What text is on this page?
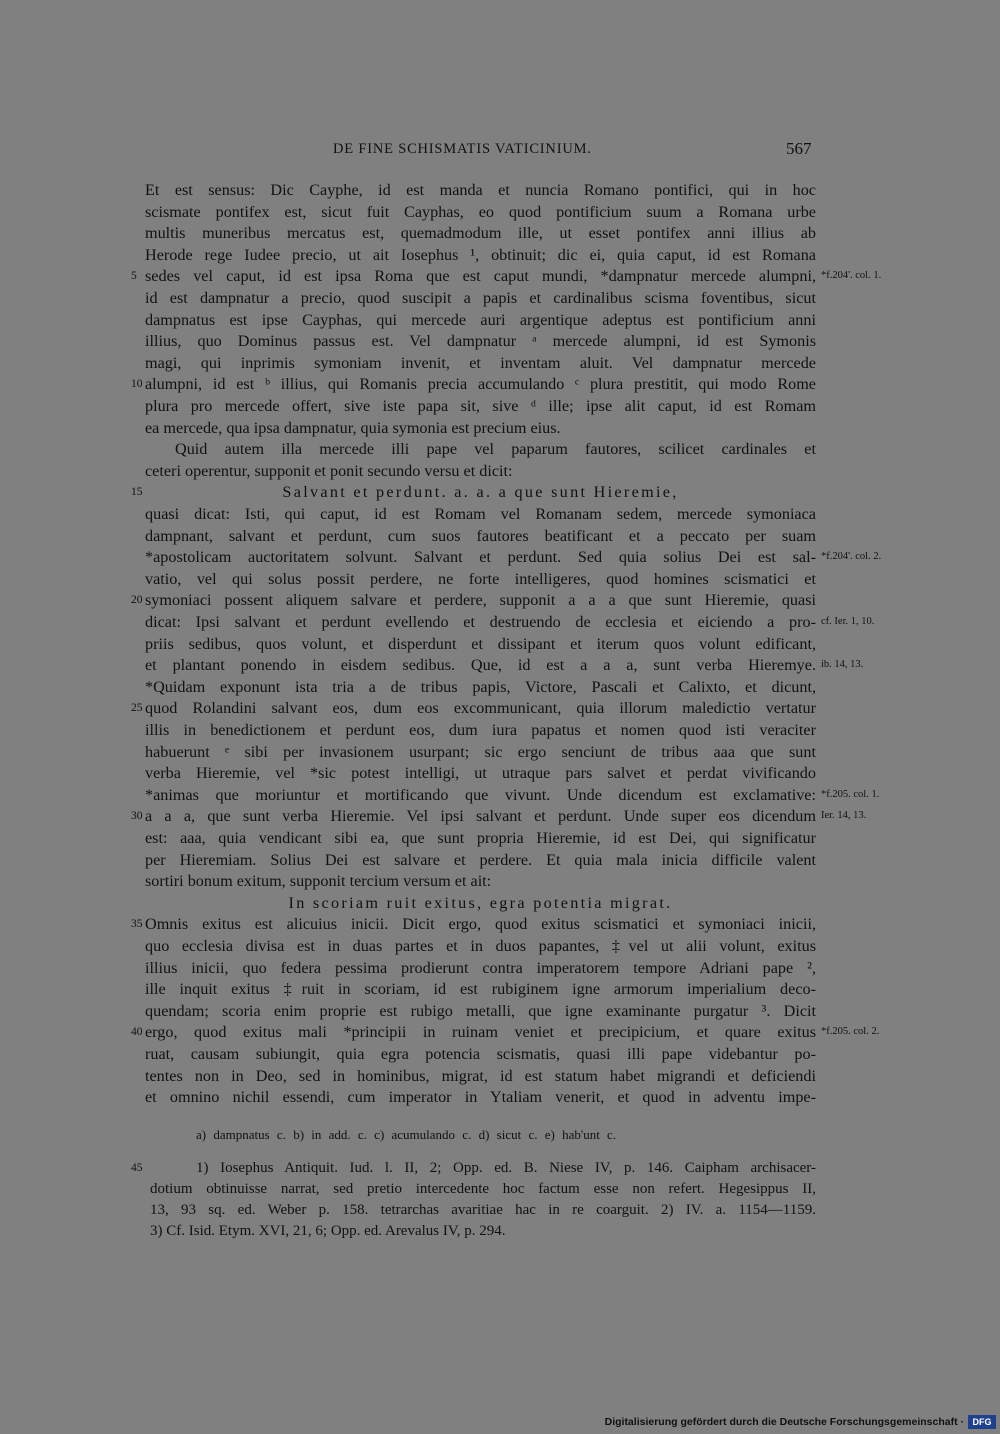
DE FINE SCHISMATIS VATICINIUM.	567
Et est sensus: Dic Cayphe, id est manda et nuncia Romano pontifici, qui in hoc
scismate pontifex est, sicut fuit Cayphas, eo quod pontificium suum a Romana urbe
multis muneribus mercatus est, quemadmodum ille, ut esset pontifex anni illius ab
Herode rege Iudee precio, ut ait Iosephus ¹, obtinuit; dic ei, quia caput, id est Romana
5 sedes vel caput, id est ipsa Roma que est caput mundi, *dampnatur mercede alumpni, *f.204'. col. 1.
id est dampnatur a precio, quod suscipit a papis et cardinalibus scisma foventibus, sicut
dampnatus est ipse Cayphas, qui mercede auri argentique adeptus est pontificium anni
illius, quo Dominus passus est. Vel dampnatur ᵃ mercede alumpni, id est Symonis
magi, qui inprimis symoniam invenit, et inventam aluit. Vel dampnatur mercede
10 alumpni, id est ᵇ illius, qui Romanis precia accumulando ᶜ plura prestitit, qui modo Rome
plura pro mercede offert, sive iste papa sit, sive ᵈ ille; ipse alit caput, id est Romam
ea mercede, qua ipsa dampnatur, quia symonia est precium eius.
Quid autem illa mercede illi pape vel paparum fautores, scilicet cardinales et
ceteri operentur, supponit et ponit secundo versu et dicit:
15	Salvant et perdunt. a. a. a que sunt Hieremie,
quasi dicat: Isti, qui caput, id est Romam vel Romanam sedem, mercede symoniaca
dampnant, salvant et perdunt, cum suos fautores beatificant et a peccato per suam
*apostolicam auctoritatem solvunt. Salvant et perdunt. Sed quia solius Dei est sal- *f.204'. col. 2.
vatio, vel qui solus possit perdere, ne forte intelligeres, quod homines scismatici et
20 symoniaci possent aliquem salvare et perdere, supponit a a a que sunt Hieremie, quasi
dicat: Ipsi salvant et perdunt evellendo et destruendo de ecclesia et eiciendo a pro- cf. Ier. 1, 10.
priis sedibus, quos volunt, et disperdunt et dissipant et iterum quos volunt edificant,
et plantant ponendo in eisdem sedibus. Que, id est a a a, sunt verba Hieremye. ib. 14, 13.
*Quidam exponunt ista tria a de tribus papis, Victore, Pascali et Calixto, et dicunt,
25 quod Rolandini salvant eos, dum eos excommunicant, quia illorum maledictio vertatur
illis in benedictionem et perdunt eos, dum iura papatus et nomen quod isti veraciter
habuerunt ᵉ sibi per invasionem usurpant; sic ergo senciunt de tribus aaa que sunt
verba Hieremie, vel *sic potest intelligi, ut utraque pars salvet et perdat vivificando
*animas que moriuntur et mortificando que vivunt. Unde dicendum est exclamative: *f.205. col. 1.
30 a a a, que sunt verba Hieremie. Vel ipsi salvant et perdunt. Unde super eos dicendum Ier. 14, 13.
est: aaa, quia vendicant sibi ea, que sunt propria Hieremie, id est Dei, qui significatur
per Hieremiam. Solius Dei est salvare et perdere. Et quia mala inicia difficile valent
sortiri bonum exitum, supponit tercium versum et ait:
In scoriam ruit exitus, egra potentia migrat.
35 Omnis exitus est alicuius inicii. Dicit ergo, quod exitus scismatici et symoniaci inicii,
quo ecclesia divisa est in duas partes et in duos papantes, ‡vel ut alii volunt, exitus
illius inicii, quo federa pessima prodierunt contra imperatorem tempore Adriani pape ²,
ille inquit exitus ‡ruit in scoriam, id est rubiginem igne armorum imperialium deco-
quendam; scoria enim proprie est rubigo metalli, que igne examinante purgatur ³. Dicit
40 ergo, quod exitus mali *principii in ruinam veniet et precipicium, et quare exitus *f.205. col. 2.
ruat, causam subiungit, quia egra potencia scismatis, quasi illi pape videbantur po-
tentes non in Deo, sed in hominibus, migrat, id est statum habet migrandi et deficiendi
et omnino nichil essendi, cum imperator in Ytaliam venerit, et quod in adventu impe-
a) dampnatus c. b) in add. c. c) acumulando c. d) sicut c. e) hab'unt c.
45	1) Iosephus Antiquit. Iud. l. II, 2; Opp. ed. B. Niese IV, p. 146. Caipham archisacer-
dotium obtinuisse narrat, sed pretio intercedente hoc factum esse non refert. Hegesippus II,
13, 93 sq. ed. Weber p. 158. tetrarchas avaritiae hac in re coarguit. 2) IV. a. 1154—1159.
3) Cf. Isid. Etym. XVI, 21, 6; Opp. ed. Arevalus IV, p. 294.
Digitalisierung gefördert durch die Deutsche Forschungsgemeinschaft · DFG
